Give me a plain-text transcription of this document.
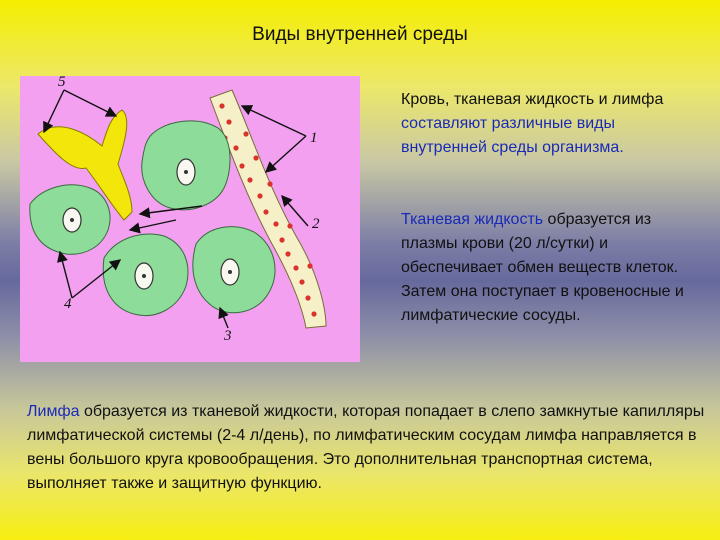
Виды внутренней среды
5
1
2
4
3
Кровь, тканевая жидкость и лимфа составляют различные виды внутренней среды организма.
Тканевая жидкость образуется из плазмы крови (20 л/сутки) и обеспечивает обмен веществ клеток. Затем она поступает в кровеносные и лимфатические сосуды.
Лимфа образуется из тканевой жидкости, которая попадает в слепо замкнутые капилляры лимфатической системы (2-4 л/день), по лимфатическим сосудам лимфа направляется в вены большого круга кровообращения. Это дополнительная транспортная система, выполняет также и защитную функцию.
